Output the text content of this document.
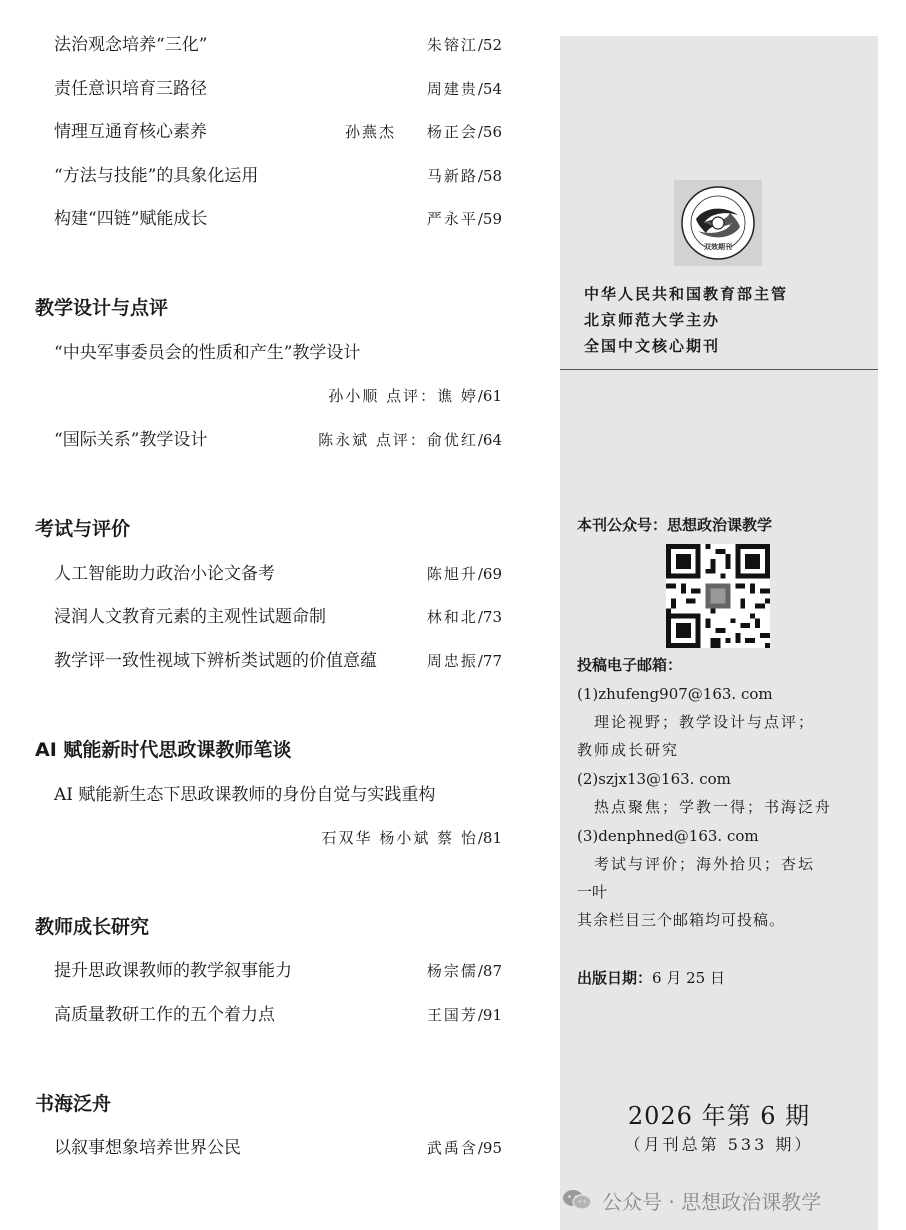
法治观念培养“三化”	朱镕江/52
责任意识培育三路径	周建贵/54
情理互通育核心素养	孙燕杰 杨正会/56
“方法与技能”的具象化运用	马新路/58
构建“四链”赋能成长	严永平/59
教学设计与点评
“中央军事委员会的性质和产生”教学设计
孙小顺 点评：谯 婷/61
“国际关系”教学设计	陈永斌 点评：俞优红/64
考试与评价
人工智能助力政治小论文备考	陈旭升/69
浸润人文教育元素的主观性试题命制	林和北/73
教学评一致性视域下辨析类试题的价值意蕴	周忠振/77
AI 赋能新时代思政课教师笔谈
AI 赋能新生态下思政课教师的身份自觉与实践重构
石双华 杨小斌 蔡 怡/81
教师成长研究
提升思政课教师的教学叙事能力	杨宗儒/87
高质量教研工作的五个着力点	王国芳/91
书海泛舟
以叙事想象培养世界公民	武禹含/95
双效期刊
中华人民共和国教育部主管
北京师范大学主办
全国中文核心期刊
本刊公众号：思想政治课教学
投稿电子邮箱：
(1)zhufeng907@163. com
　理论视野；教学设计与点评；
教师成长研究
(2)szjx13@163. com
　热点聚焦；学教一得；书海泛舟
(3)denphned@163. com
　考试与评价；海外拾贝；杏坛
一叶
其余栏目三个邮箱均可投稿。
出版日期：6 月 25 日
2026 年第 6 期
（月刊总第 533 期）
公众号 · 思想政治课教学
